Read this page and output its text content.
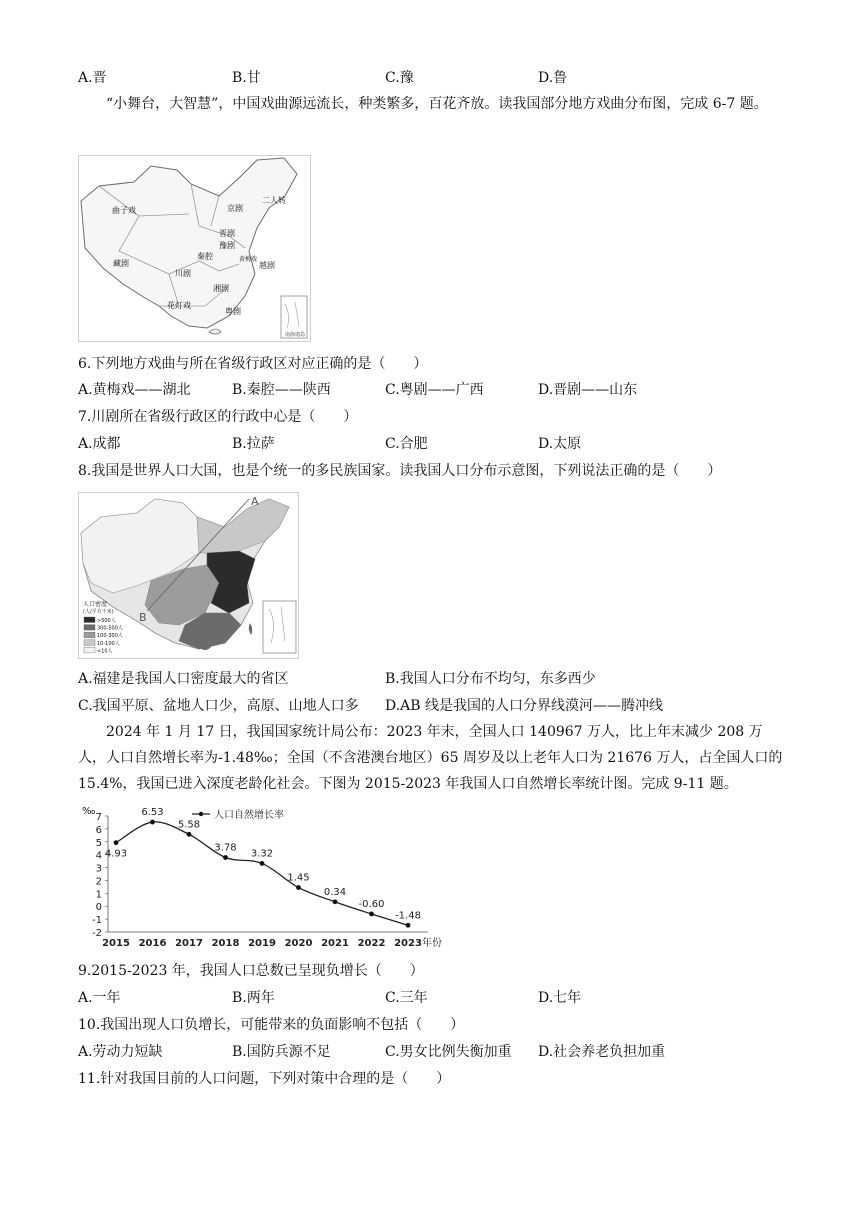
A.晋	B.甘	C.豫	D.鲁
“小舞台，大智慧”，中国戏曲源远流长，种类繁多，百花齐放。读我国部分地方戏曲分布图，完成 6-7 题。
南海诸岛
二人转
曲子戏	京剧
晋剧
豫剧
秦腔	黄梅戏
越剧
川剧
藏剧
湘剧
花灯戏
粤剧
6.下列地方戏曲与所在省级行政区对应正确的是（　　）
A.黄梅戏——湖北	B.秦腔——陕西	C.粤剧——广西	D.晋剧——山东
7.川剧所在省级行政区的行政中心是（　　）
A.成都	B.拉萨	C.合肥	D.太原
8.我国是世界人口大国，也是个统一的多民族国家。读我国人口分布示意图，下列说法正确的是（　　）
A
B
人口密度
(人/平方千米)
>500人
300-500人
100-300人
10-100人
<10人
A.福建是我国人口密度最大的省区	B.我国人口分布不均匀，东多西少
C.我国平原、盆地人口少，高原、山地人口多 D.AB 线是我国的人口分界线漠河——腾冲线
2024 年 1 月 17 日，我国国家统计局公布：2023 年末，全国人口 140967 万人，比上年末减少 208 万人，人口自然增长率为-1.48‰；全国（不含港澳台地区）65 周岁及以上老年人口为 21676 万人，占全国人口的 15.4%，我国已进入深度老龄化社会。下图为 2015-2023 年我国人口自然增长率统计图。完成 9-11 题。
7
6
5
4
3
2
1
0
-1
-2
‰
2015 2016 2017 2018 2019 2020 2021 2022 2023 年份
4.93
6.53
5.58
3.78
3.32
1.45
0.34
-0.60
-1.48
人口自然增长率
9.2015-2023 年，我国人口总数已呈现负增长（　　）
A.一年	B.两年	C.三年	D.七年
10.我国出现人口负增长，可能带来的负面影响不包括（　　）
A.劳动力短缺	B.国防兵源不足	C.男女比例失衡加重 D.社会养老负担加重
11.针对我国目前的人口问题，下列对策中合理的是（　　）
